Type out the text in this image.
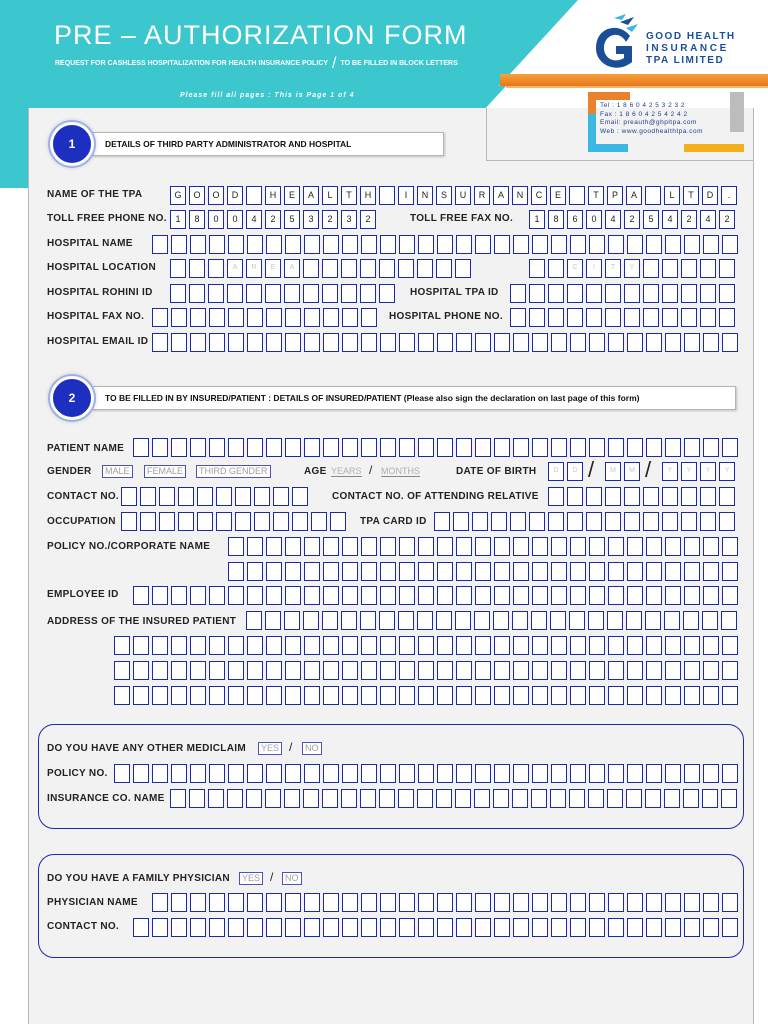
PRE – AUTHORIZATION FORM
REQUEST FOR CASHLESS HOSPITALIZATION FOR HEALTH INSURANCE POLICY / TO BE FILLED IN BLOCK LETTERS
Please fill all pages : This is Page 1 of 4
GOOD HEALTH
INSURANCE
TPA LIMITED
Tel : 1 8 6 0 4 2 5 3 2 3 2
Fax : 1 8 6 0 4 2 5 4 2 4 2
Email: preauth@ghpltpa.com
Web : www.goodhealthtpa.com
DETAILS OF THIRD PARTY ADMINISTRATOR AND HOSPITAL
1
NAME OF THE TPA	G	O	O	D	H	E	A	L	T	H	I	N	S	U	R	A	N	C	E	T	P	A	L	T	D	.
TOLL FREE PHONE NO. 1	8	0	0	4	2	5	3	2	3	2	TOLL FREE FAX NO.	1	8	6	0	4	2	5	4	2	4	2
HOSPITAL NAME
HOSPITAL LOCATION	A	R	E	A	C	I	T	Y
HOSPITAL ROHINI ID	HOSPITAL TPA ID
HOSPITAL FAX NO.	HOSPITAL PHONE NO.
HOSPITAL EMAIL ID
TO BE FILLED IN BY INSURED/PATIENT : DETAILS OF INSURED/PATIENT (Please also sign the declaration on last page of this form)
2
PATIENT NAME
GENDER	MALE	FEMALE	THIRD GENDER	AGE YEARS / MONTHS	DATE OF BIRTH	D	D /	M	M /	Y	Y	Y	Y
CONTACT NO.	CONTACT NO. OF ATTENDING RELATIVE
OCCUPATION	TPA CARD ID
POLICY NO./CORPORATE NAME
EMPLOYEE ID
ADDRESS OF THE INSURED PATIENT
DO YOU HAVE ANY OTHER MEDICLAIM	YES /	NO
POLICY NO.
INSURANCE CO. NAME
DO YOU HAVE A FAMILY PHYSICIAN	YES /	NO
PHYSICIAN NAME
CONTACT NO.
